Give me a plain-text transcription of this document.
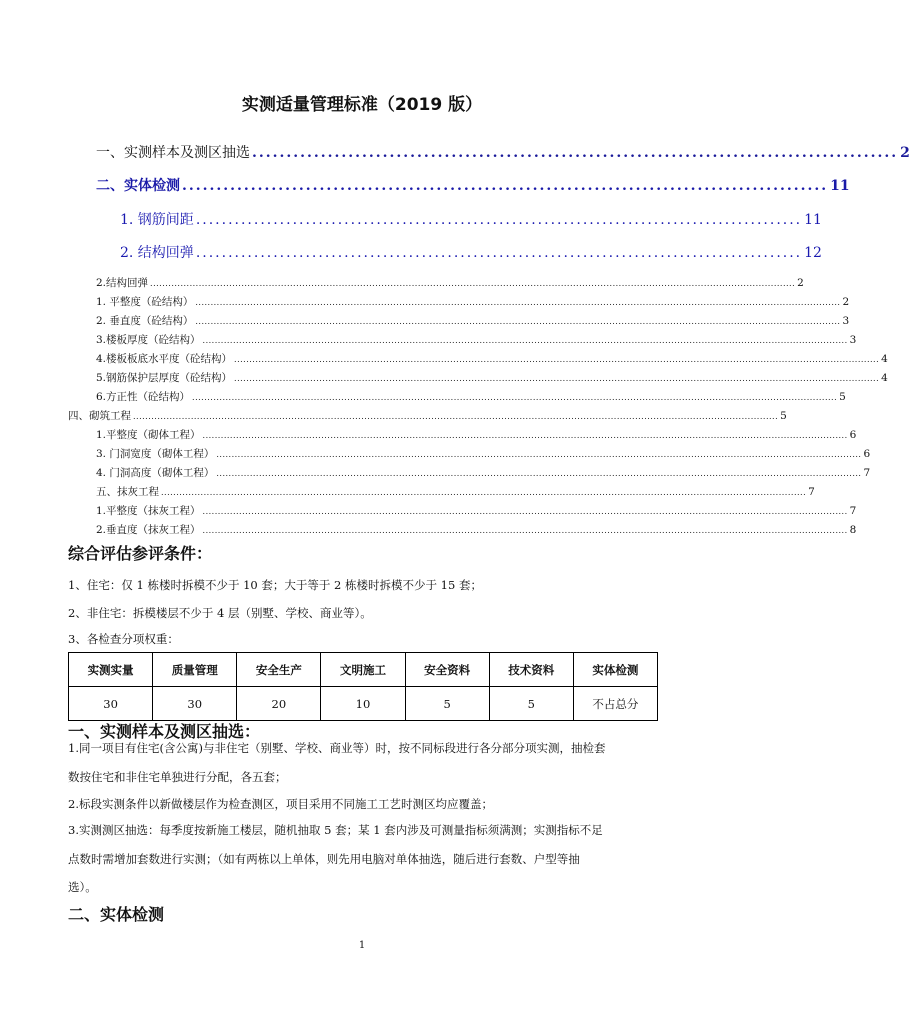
实测适量管理标准（2019 版）
一、实测样本及测区抽选 .............................................................................................. 2
二、实体检测 .............................................................................................. 11
1. 钢筋间距 .............................................................................................. 11
2. 结构回弹 .............................................................................................. 12
2.结构回弹 .................................................................................................................................................................................................................... 2
1. 平整度（砼结构） .................................................................................................................................................................................................................... 2
2. 垂直度（砼结构） .................................................................................................................................................................................................................... 3
3.楼板厚度（砼结构） .................................................................................................................................................................................................................... 3
4.楼板板底水平度（砼结构） .................................................................................................................................................................................................................... 4
5.钢筋保护层厚度（砼结构） .................................................................................................................................................................................................................... 4
6.方正性（砼结构） .................................................................................................................................................................................................................... 5
四、砌筑工程 .................................................................................................................................................................................................................... 5
1.平整度（砌体工程） .................................................................................................................................................................................................................... 6
3. 门洞宽度（砌体工程） .................................................................................................................................................................................................................... 6
4. 门洞高度（砌体工程） .................................................................................................................................................................................................................... 7
五、抹灰工程 .................................................................................................................................................................................................................... 7
1.平整度（抹灰工程） .................................................................................................................................................................................................................... 7
2.垂直度（抹灰工程） .................................................................................................................................................................................................................... 8
综合评估参评条件：
1、住宅：仅 1 栋楼时拆模不少于 10 套；大于等于 2 栋楼时拆模不少于 15 套；
2、非住宅：拆模楼层不少于 4 层（别墅、学校、商业等）。
3、各检查分项权重：
实测实量	质量管理	安全生产	文明施工	安全资料	技术资料	实体检测
30	30	20	10	5	5	不占总分
一、实测样本及测区抽选：
1.同一项目有住宅(含公寓)与非住宅（别墅、学校、商业等）时，按不同标段进行各分部分项实测，抽检套
数按住宅和非住宅单独进行分配，各五套；
2.标段实测条件以新做楼层作为检查测区，项目采用不同施工工艺时测区均应覆盖；
3.实测测区抽选：每季度按新施工楼层，随机抽取 5 套；某 1 套内涉及可测量指标须满测；实测指标不足
点数时需增加套数进行实测；（如有两栋以上单体，则先用电脑对单体抽选，随后进行套数、户型等抽
选）。
二、实体检测
1
